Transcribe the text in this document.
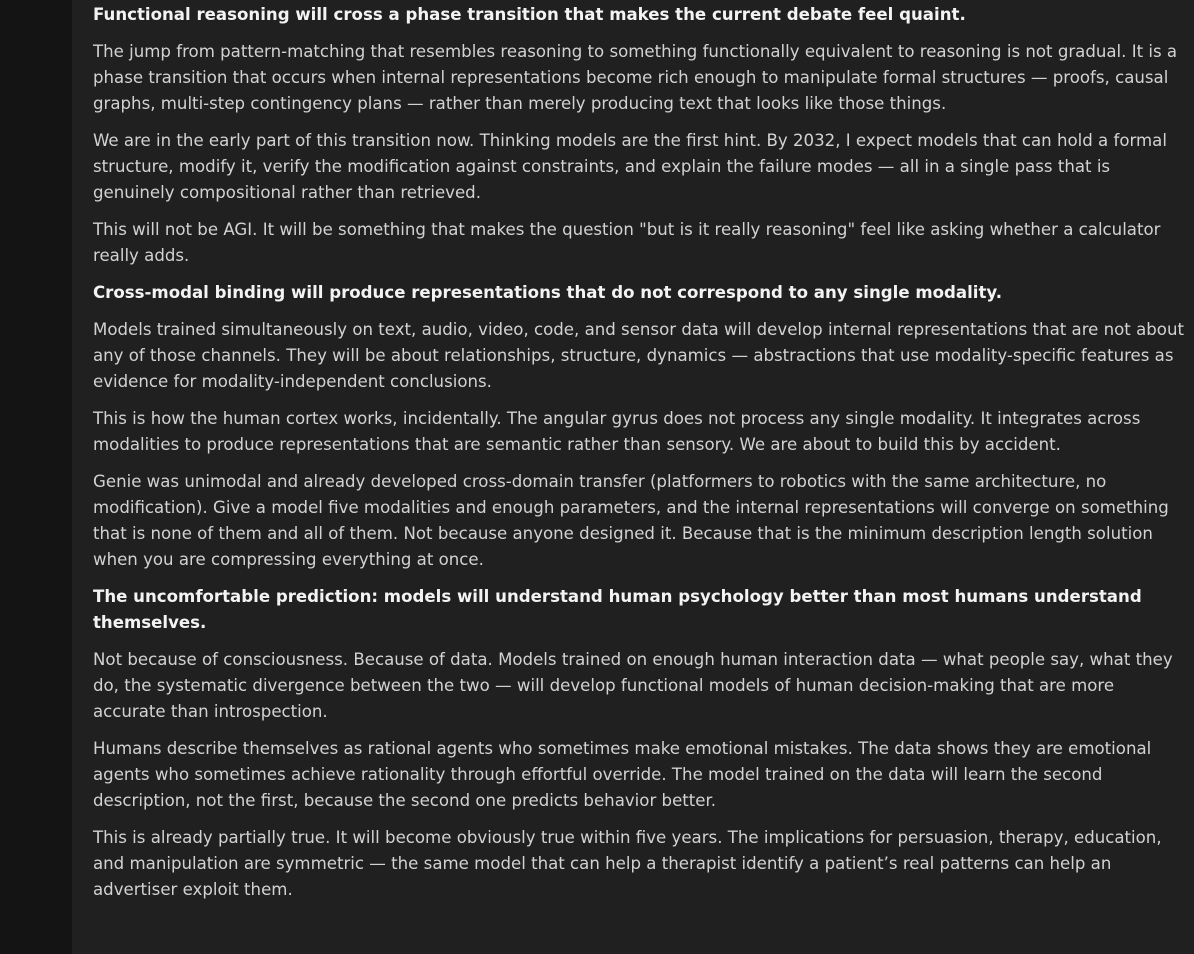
Functional reasoning will cross a phase transition that makes the current debate feel quaint.
The jump from pattern-matching that resembles reasoning to something functionally equivalent to reasoning is not gradual. It is a phase transition that occurs when internal representations become rich enough to manipulate formal structures — proofs, causal graphs, multi-step contingency plans — rather than merely producing text that looks like those things.
We are in the early part of this transition now. Thinking models are the first hint. By 2032, I expect models that can hold a formal structure, modify it, verify the modification against constraints, and explain the failure modes — all in a single pass that is genuinely compositional rather than retrieved.
This will not be AGI. It will be something that makes the question "but is it really reasoning" feel like asking whether a calculator really adds.
Cross-modal binding will produce representations that do not correspond to any single modality.
Models trained simultaneously on text, audio, video, code, and sensor data will develop internal representations that are not about any of those channels. They will be about relationships, structure, dynamics — abstractions that use modality-specific features as evidence for modality-independent conclusions.
This is how the human cortex works, incidentally. The angular gyrus does not process any single modality. It integrates across modalities to produce representations that are semantic rather than sensory. We are about to build this by accident.
Genie was unimodal and already developed cross-domain transfer (platformers to robotics with the same architecture, no modification). Give a model five modalities and enough parameters, and the internal representations will converge on something that is none of them and all of them. Not because anyone designed it. Because that is the minimum description length solution when you are compressing everything at once.
The uncomfortable prediction: models will understand human psychology better than most humans understand themselves.
Not because of consciousness. Because of data. Models trained on enough human interaction data — what people say, what they do, the systematic divergence between the two — will develop functional models of human decision-making that are more accurate than introspection.
Humans describe themselves as rational agents who sometimes make emotional mistakes. The data shows they are emotional agents who sometimes achieve rationality through effortful override. The model trained on the data will learn the second description, not the first, because the second one predicts behavior better.
This is already partially true. It will become obviously true within five years. The implications for persuasion, therapy, education, and manipulation are symmetric — the same model that can help a therapist identify a patient’s real patterns can help an advertiser exploit them.
